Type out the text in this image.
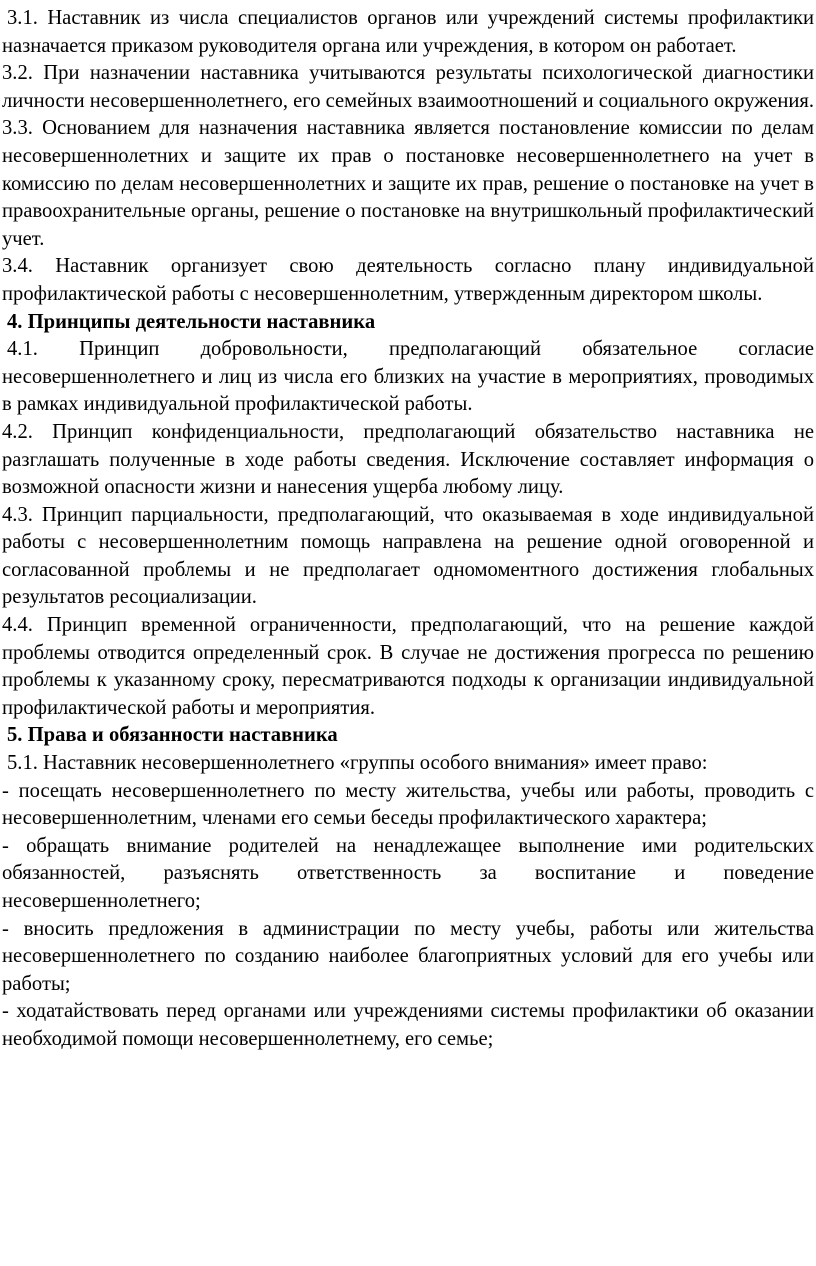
3.1. Наставник из числа специалистов органов или учреждений системы профилактики назначается приказом руководителя органа или учреждения, в котором он работает.

3.2. При назначении наставника учитываются результаты психологической диагностики личности несовершеннолетнего, его семейных взаимоотношений и социального окружения.

3.3. Основанием для назначения наставника является постановление комиссии по делам несовершеннолетних и защите их прав о постановке несовершеннолетнего на учет в комиссию по делам несовершеннолетних и защите их прав, решение о постановке на учет в правоохранительные органы, решение о постановке на внутришкольный профилактический учет.

3.4. Наставник организует свою деятельность согласно плану индивидуальной профилактической работы с несовершеннолетним, утвержденным директором школы.

4. Принципы деятельности наставника

4.1. Принцип добровольности, предполагающий обязательное согласие несовершеннолетнего и лиц из числа его близких на участие в мероприятиях, проводимых в рамках индивидуальной профилактической работы.

4.2. Принцип конфиденциальности, предполагающий обязательство наставника не разглашать полученные в ходе работы сведения. Исключение составляет информация о возможной опасности жизни и нанесения ущерба любому лицу.

4.3. Принцип парциальности, предполагающий, что оказываемая в ходе индивидуальной работы с несовершеннолетним помощь направлена на решение одной оговоренной и согласованной проблемы и не предполагает одномоментного достижения глобальных результатов ресоциализации.

4.4. Принцип временной ограниченности, предполагающий, что на решение каждой проблемы отводится определенный срок. В случае не достижения прогресса по решению проблемы к указанному сроку, пересматриваются подходы к организации индивидуальной профилактической работы и мероприятия.

5. Права и обязанности наставника

5.1. Наставник несовершеннолетнего «группы особого внимания» имеет право:

- посещать несовершеннолетнего по месту жительства, учебы или работы, проводить с несовершеннолетним, членами его семьи беседы профилактического характера;

- обращать внимание родителей на ненадлежащее выполнение ими родительских обязанностей, разъяснять ответственность за воспитание и поведение несовершеннолетнего;

- вносить предложения в администрации по месту учебы, работы или жительства несовершеннолетнего по созданию наиболее благоприятных условий для его учебы или работы;

- ходатайствовать перед органами или учреждениями системы профилактики об оказании необходимой помощи несовершеннолетнему, его семье;
